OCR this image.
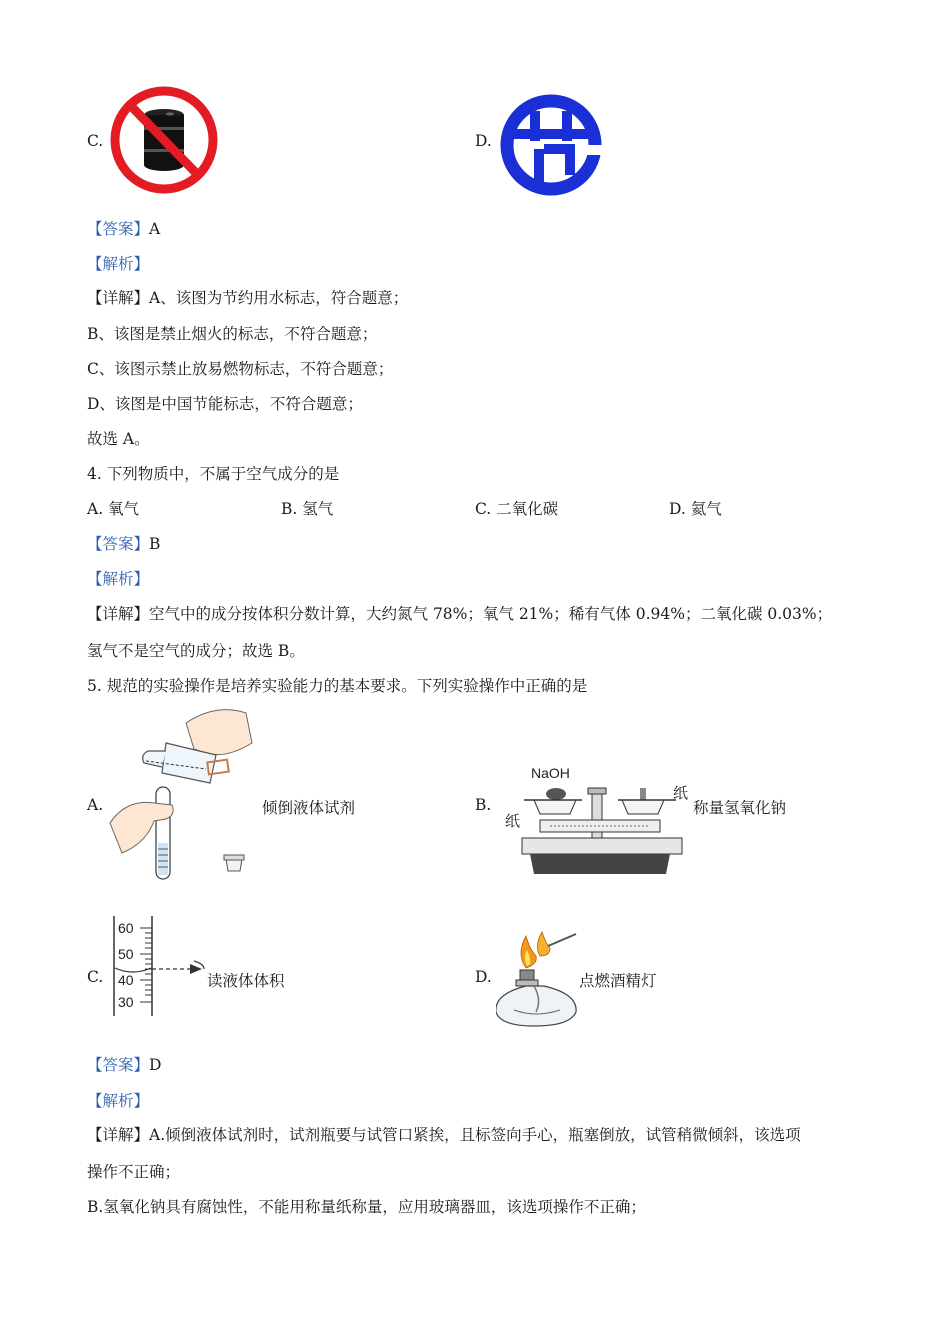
C.	D.
【答案】A
【解析】
【详解】A、该图为节约用水标志，符合题意；
B、该图是禁止烟火的标志，不符合题意；
C、该图示禁止放易燃物标志，不符合题意；
D、该图是中国节能标志，不符合题意；
故选 A。
4. 下列物质中，不属于空气成分的是
A. 氧气	B. 氢气	C. 二氧化碳	D. 氦气
【答案】B
【解析】
【详解】空气中的成分按体积分数计算，大约氮气 78%；氧气 21%；稀有气体 0.94%；二氧化碳 0.03%；
氢气不是空气的成分；故选 B。
5. 规范的实验操作是培养实验能力的基本要求。下列实验操作中正确的是
A.	倾倒液体试剂	B.
NaOH
纸
纸
称量氢氧化钠
C.
60
50
40
30
读液体体积	D.	点燃酒精灯
【答案】D
【解析】
【详解】A.倾倒液体试剂时，试剂瓶要与试管口紧挨，且标签向手心，瓶塞倒放，试管稍微倾斜，该选项
操作不正确；
B.氢氧化钠具有腐蚀性，不能用称量纸称量，应用玻璃器皿，该选项操作不正确；
